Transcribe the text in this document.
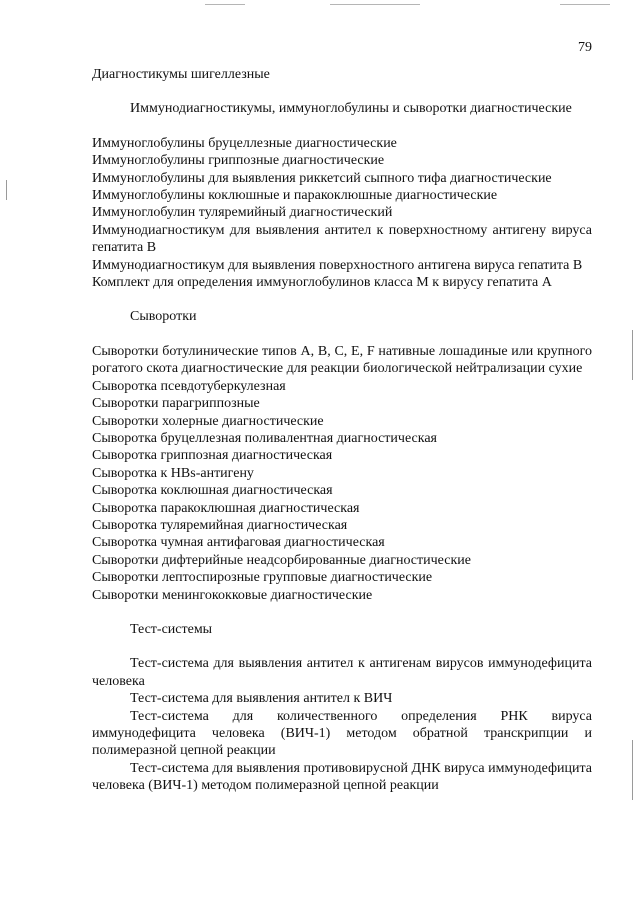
79
Диагностикумы шигеллезные
Иммунодиагностикумы, иммуноглобулины и сыворотки диагностические
Иммуноглобулины бруцеллезные диагностические
Иммуноглобулины гриппозные диагностические
Иммуноглобулины для выявления риккетсий сыпного тифа диагностические
Иммуноглобулины коклюшные и паракоклюшные диагностические
Иммуноглобулин туляремийный диагностический
Иммунодиагностикум для выявления антител к поверхностному антигену вируса гепатита В
Иммунодиагностикум для выявления поверхностного антигена вируса гепатита В
Комплект для определения иммуноглобулинов класса М к вирусу гепатита А
Сыворотки
Сыворотки ботулинические типов А, В, С, Е, F нативные лошадиные или крупного рогатого скота диагностические для реакции биологической нейтрализации сухие
Сыворотка псевдотуберкулезная
Сыворотки парагриппозные
Сыворотки холерные диагностические
Сыворотка бруцеллезная поливалентная диагностическая
Сыворотка гриппозная диагностическая
Сыворотка к HBs-антигену
Сыворотка коклюшная диагностическая
Сыворотка паракоклюшная диагностическая
Сыворотка туляремийная диагностическая
Сыворотка чумная антифаговая диагностическая
Сыворотки дифтерийные неадсорбированные диагностические
Сыворотки лептоспирозные групповые диагностические
Сыворотки менингококковые диагностические
Тест-системы
Тест-система для выявления антител к антигенам вирусов иммунодефицита человека
Тест-система для выявления антител к ВИЧ
Тест-система для количественного определения РНК вируса иммунодефицита человека (ВИЧ-1) методом обратной транскрипции и полимеразной цепной реакции
Тест-система для выявления противовирусной ДНК вируса иммунодефицита человека (ВИЧ-1) методом полимеразной цепной реакции
